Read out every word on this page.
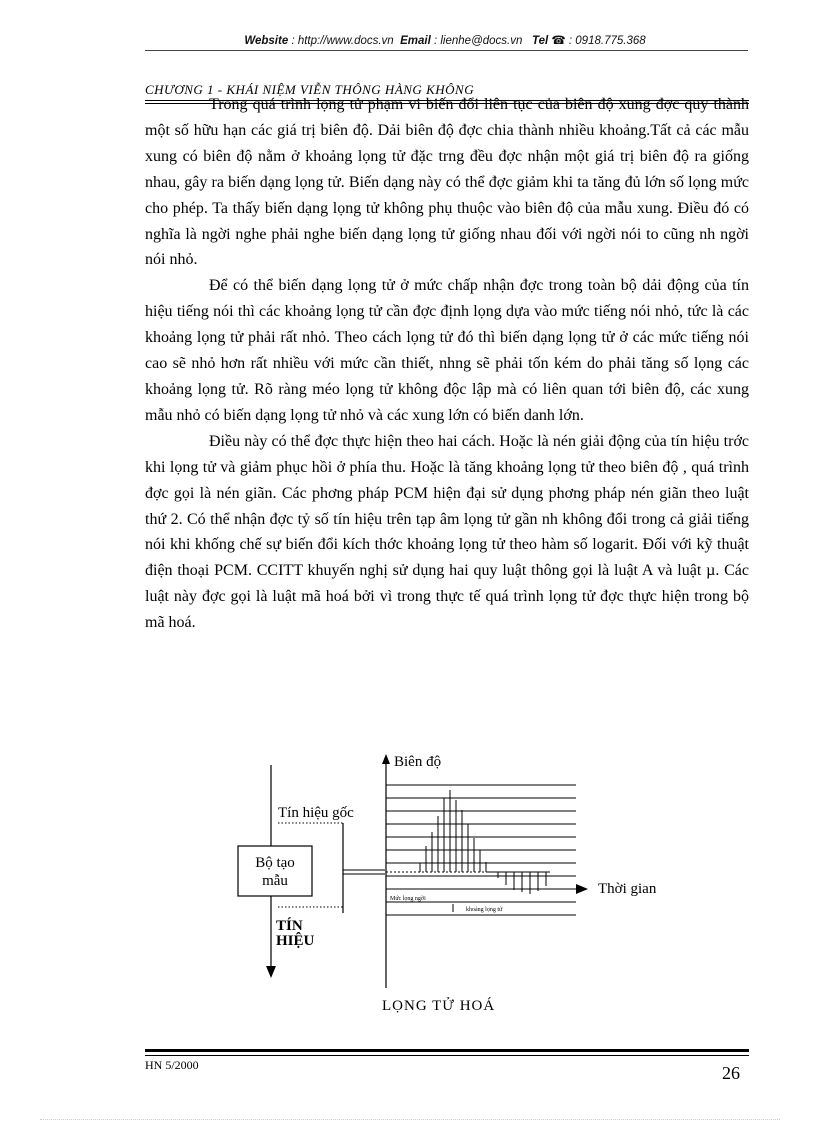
Website : http://www.docs.vn Email : lienhe@docs.vn Tel ☎ : 0918.775.368
CHƯƠNG 1 - KHÁI NIỆM VIỄN THÔNG HÀNG KHÔNG

Trong quá trình lọng tử phạm vi biến đổi liên tục của biên độ xung đợc quy thành một số hữu hạn các giá trị biên độ. Dải biên độ đợc chia thành nhiều khoảng.Tất cả các mẫu xung có biên độ nằm ở khoảng lọng tử đặc trng đều đợc nhận một giá trị biên độ ra giống nhau, gây ra biến dạng lọng tử. Biến dạng này có thể đợc giảm khi ta tăng đủ lớn số lọng mức cho phép. Ta thấy biến dạng lọng tử không phụ thuộc vào biên độ của mẫu xung. Điều đó có nghĩa là ngời nghe phải nghe biến dạng lọng tử giống nhau đối với ngời nói to cũng nh ngời nói nhỏ.

Để có thể biến dạng lọng tử ở mức chấp nhận đợc trong toàn bộ dải động của tín hiệu tiếng nói thì các khoảng lọng tử cần đợc định lọng dựa vào mức tiếng nói nhỏ, tức là các khoảng lọng tử phải rất nhỏ. Theo cách lọng tử đó thì biến dạng lọng tử ở các mức tiếng nói cao sẽ nhỏ hơn rất nhiều với mức cần thiết, nhng sẽ phải tốn kém do phải tăng số lọng các khoảng lọng tử. Rõ ràng méo lọng tử không độc lập mà có liên quan tới biên độ, các xung mẫu nhỏ có biến dạng lọng tử nhỏ và các xung lớn có biến danh lớn.

Điều này có thể đợc thực hiện theo hai cách. Hoặc là nén giải động của tín hiệu trớc khi lọng tử và giảm phục hồi ở phía thu. Hoặc là tăng khoảng lọng tử theo biên độ , quá trình đợc gọi là nén giãn. Các phơng pháp PCM hiện đại sử dụng phơng pháp nén giãn theo luật thứ 2. Có thể nhận đợc tỷ số tín hiệu trên tạp âm lọng tử gần nh không đổi trong cả giải tiếng nói khi khống chế sự biến đổi kích thớc khoảng lọng tử theo hàm số logarit. Đối với kỹ thuật điện thoại PCM. CCITT khuyến nghị sử dụng hai quy luật thông gọi là luật A và luật µ. Các luật này đợc gọi là luật mã hoá bởi vì trong thực tế quá trình lọng tử đợc thực hiện trong bộ mã hoá.

Bộ tạo
mẫu
Tín hiệu gốc
TÍN
HIỆU
Biên độ
Thời gian
Mức lọng ngời
khoảng lọng tử
LỌNG TỬ HOÁ
HN 5/2000	26
